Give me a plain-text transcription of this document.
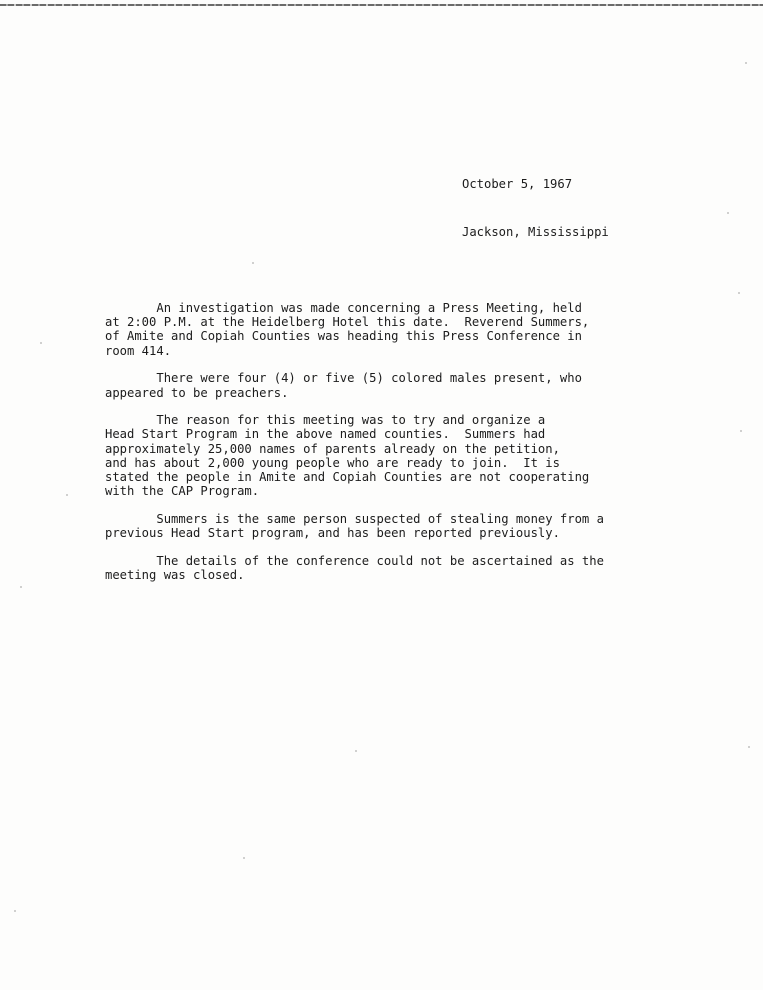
October 5, 1967

Jackson, Mississippi

An investigation was made concerning a Press Meeting, held
at 2:00 P.M. at the Heidelberg Hotel this date.  Reverend Summers,
of Amite and Copiah Counties was heading this Press Conference in
room 414.
There were four (4) or five (5) colored males present, who
appeared to be preachers.
The reason for this meeting was to try and organize a
Head Start Program in the above named counties.  Summers had
approximately 25,000 names of parents already on the petition,
and has about 2,000 young people who are ready to join.  It is
stated the people in Amite and Copiah Counties are not cooperating
with the CAP Program.
Summers is the same person suspected of stealing money from a
previous Head Start program, and has been reported previously.
The details of the conference could not be ascertained as the
meeting was closed.
